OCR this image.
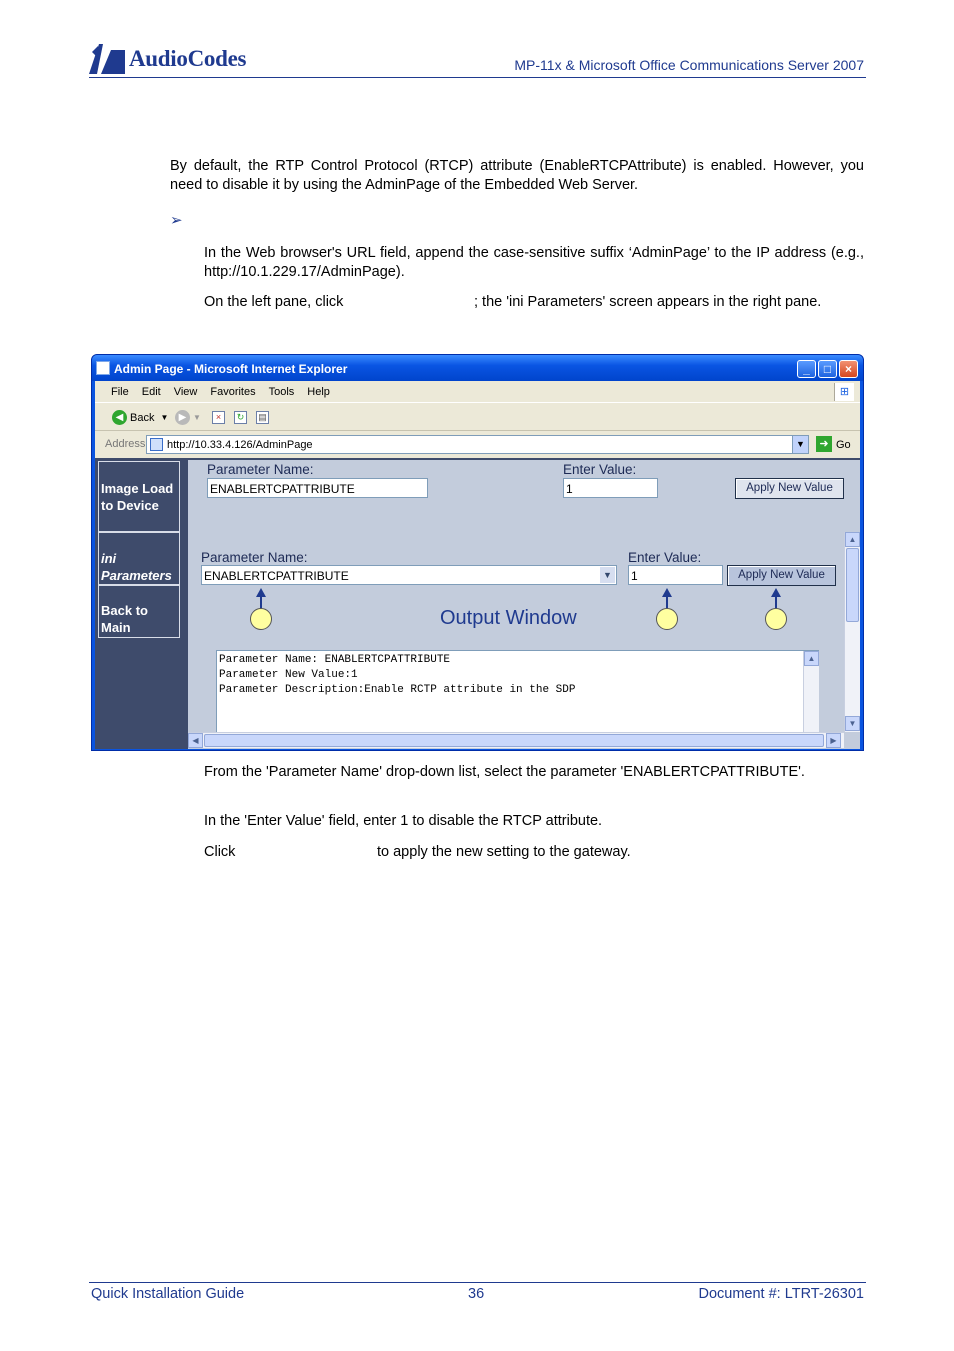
AudioCodes	MP-11x & Microsoft Office Communications Server 2007
By default, the RTP Control Protocol (RTCP) attribute (EnableRTCPAttribute) is enabled. However, you need to disable it by using the AdminPage of the Embedded Web Server.
➢
In the Web browser's URL field, append the case-sensitive suffix ‘AdminPage’ to the IP address (e.g., http://10.1.229.17/AdminPage).
On the left pane, click	; the 'ini Parameters' screen appears in the right pane.
Admin Page - Microsoft Internet Explorer	_	□	×
File Edit View Favorites Tools Help	⊞
◀ Back ▼	▶ ▼	×	↻	▤
Address http://10.33.4.126/AdminPage	▼	➜ Go
Image Load to Device
ini Parameters
Back to Main
Parameter Name:
ENABLERTCPATTRIBUTE
Enter Value:
1	Apply New Value
Parameter Name:
ENABLERTCPATTRIBUTE	▼
Enter Value:
1	Apply New Value
Output Window
Parameter Name: ENABLERTCPATTRIBUTE
Parameter New Value:1
Parameter Description:Enable RCTP attribute in the SDP
▲
▲
▼
◀	▶
From the 'Parameter Name' drop-down list, select the parameter 'ENABLERTCPATTRIBUTE'.
In the 'Enter Value' field, enter 1 to disable the RTCP attribute.
Click	to apply the new setting to the gateway.
Quick Installation Guide	36	Document #: LTRT-26301
